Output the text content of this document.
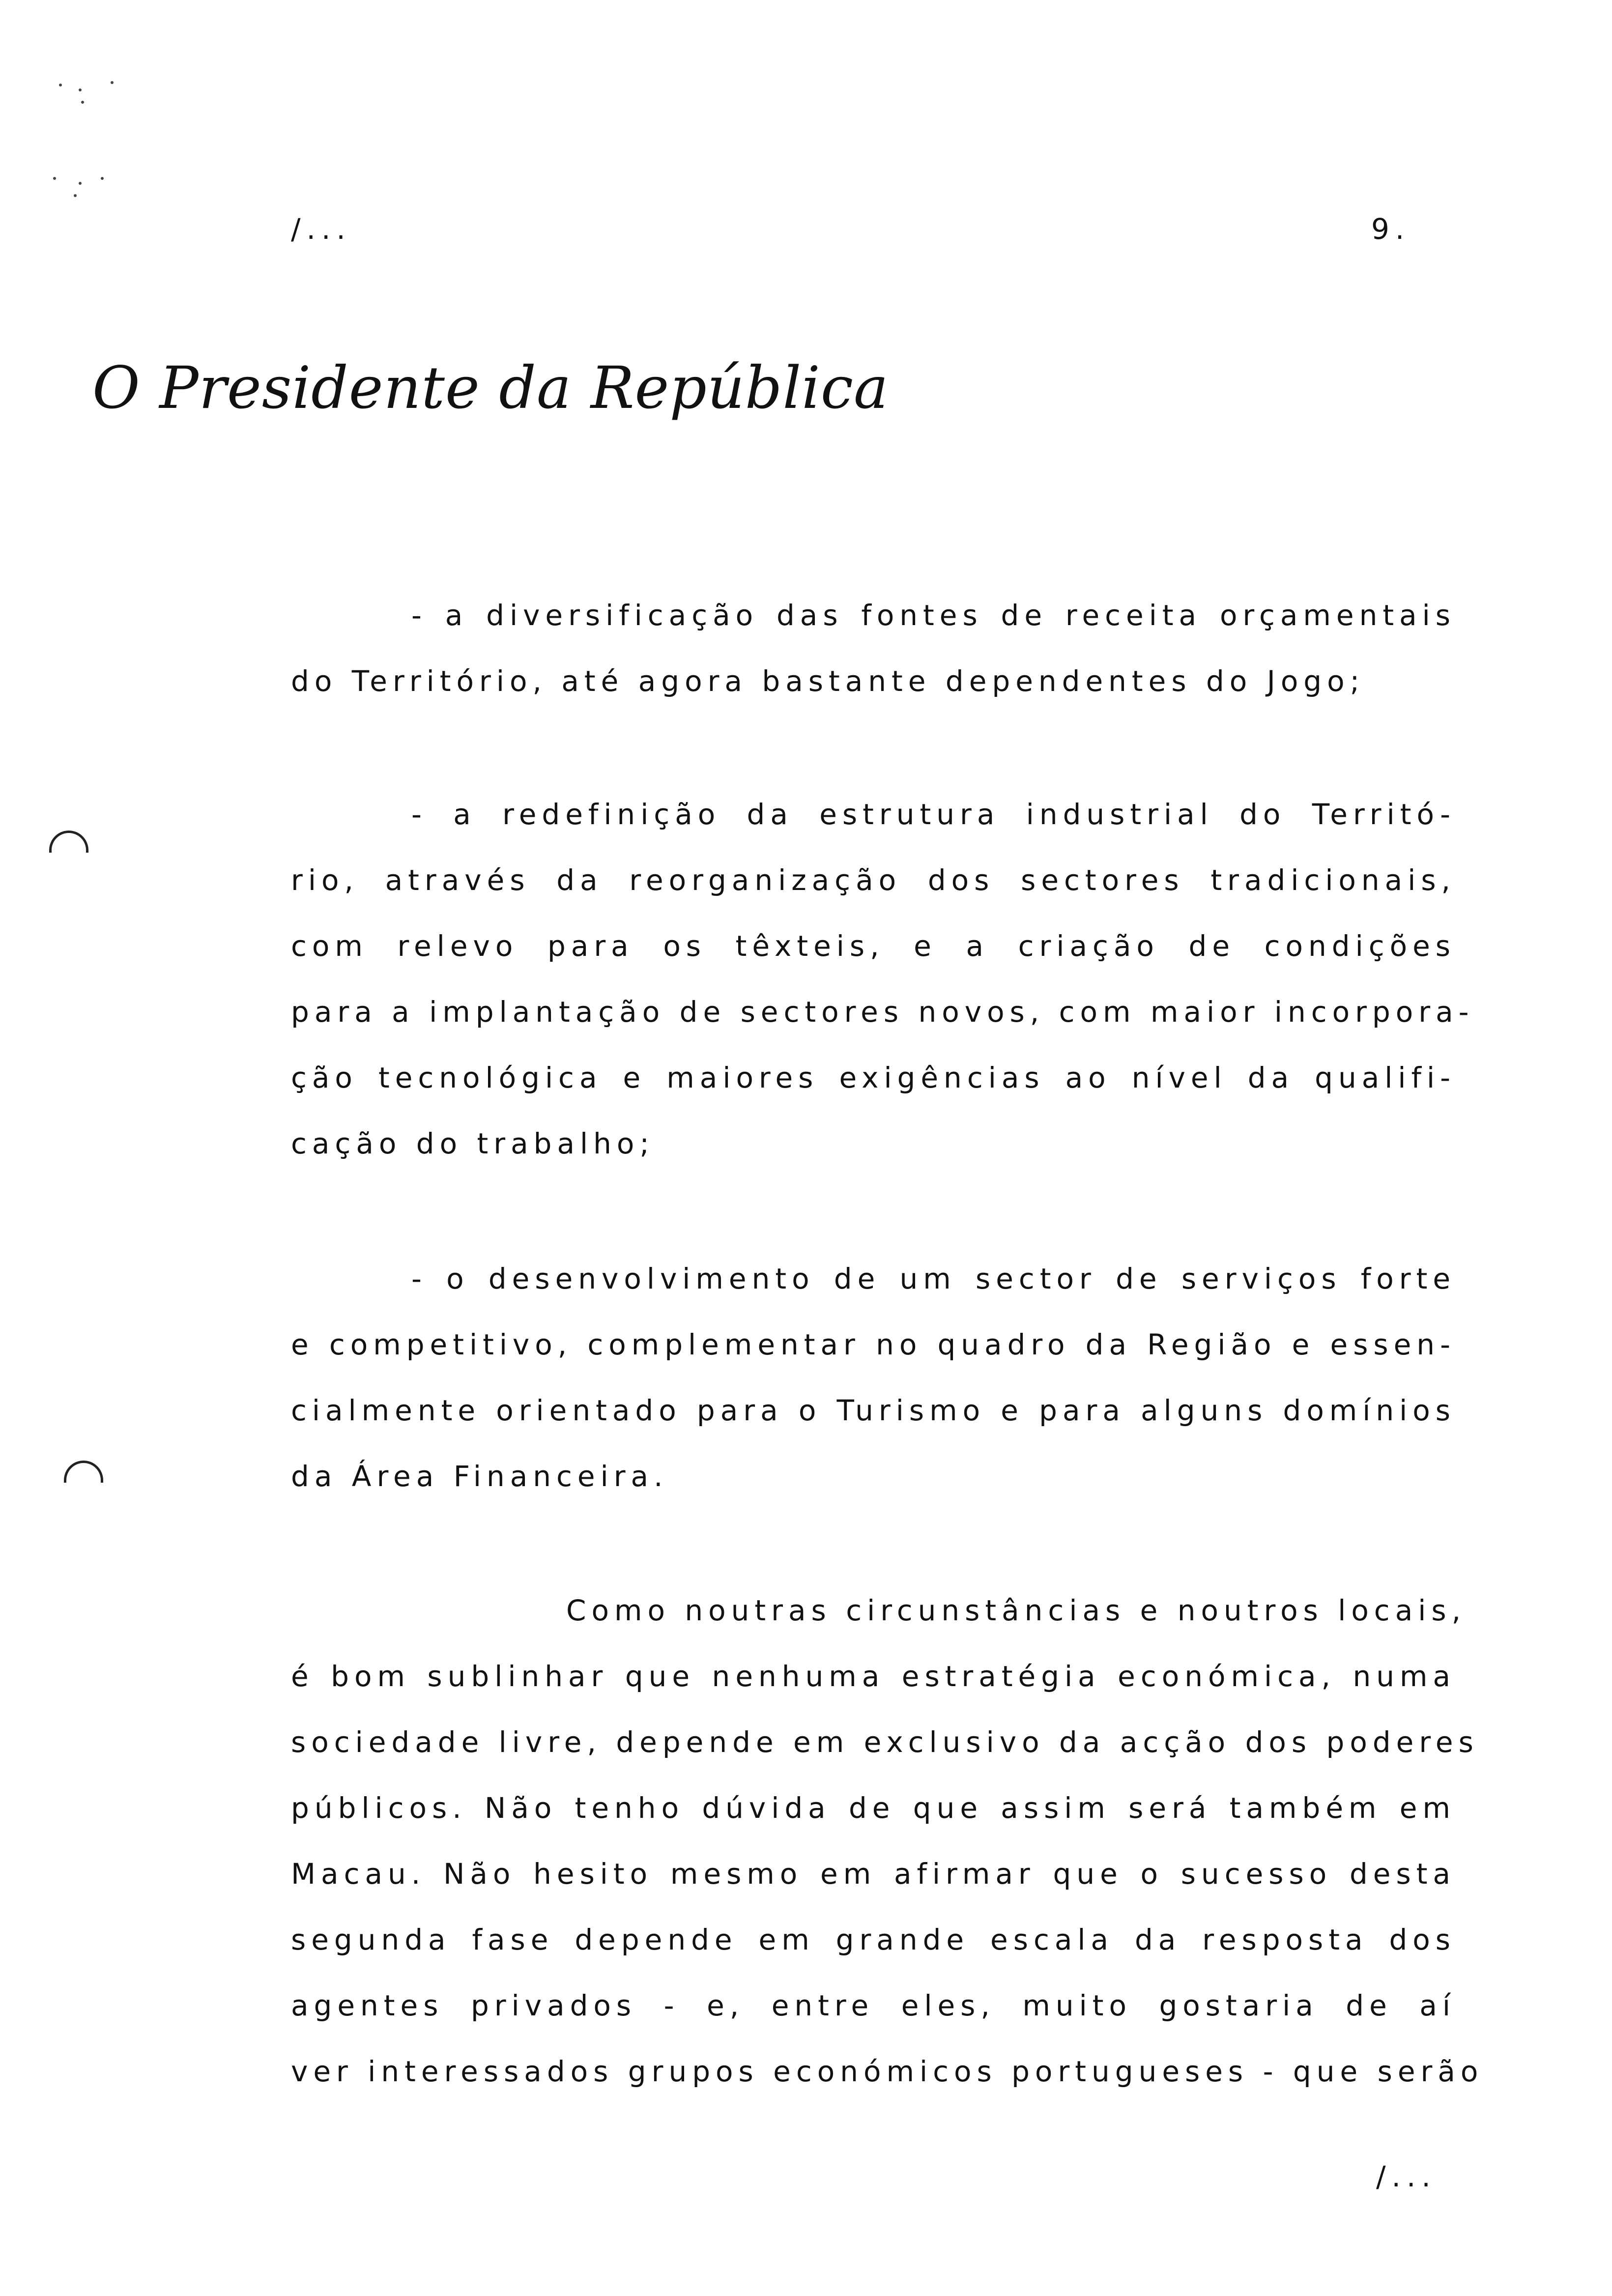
/...	9.
O Presidente da República
- a diversificação das fontes de receita orçamentais
do Território, até agora bastante dependentes do Jogo;
- a redefinição da estrutura industrial do Territó-
rio, através da reorganização dos sectores tradicionais,
com relevo para os têxteis, e a criação de condições
para a implantação de sectores novos, com maior incorpora-
ção tecnológica e maiores exigências ao nível da qualifi-
cação do trabalho;
- o desenvolvimento de um sector de serviços forte
e competitivo, complementar no quadro da Região e essen-
cialmente orientado para o Turismo e para alguns domínios
da Área Financeira.
Como noutras circunstâncias e noutros locais,
é bom sublinhar que nenhuma estratégia económica, numa
sociedade livre, depende em exclusivo da acção dos poderes
públicos. Não tenho dúvida de que assim será também em
Macau. Não hesito mesmo em afirmar que o sucesso desta
segunda fase depende em grande escala da resposta dos
agentes privados - e, entre eles, muito gostaria de aí
ver interessados grupos económicos portugueses - que serão
/...
